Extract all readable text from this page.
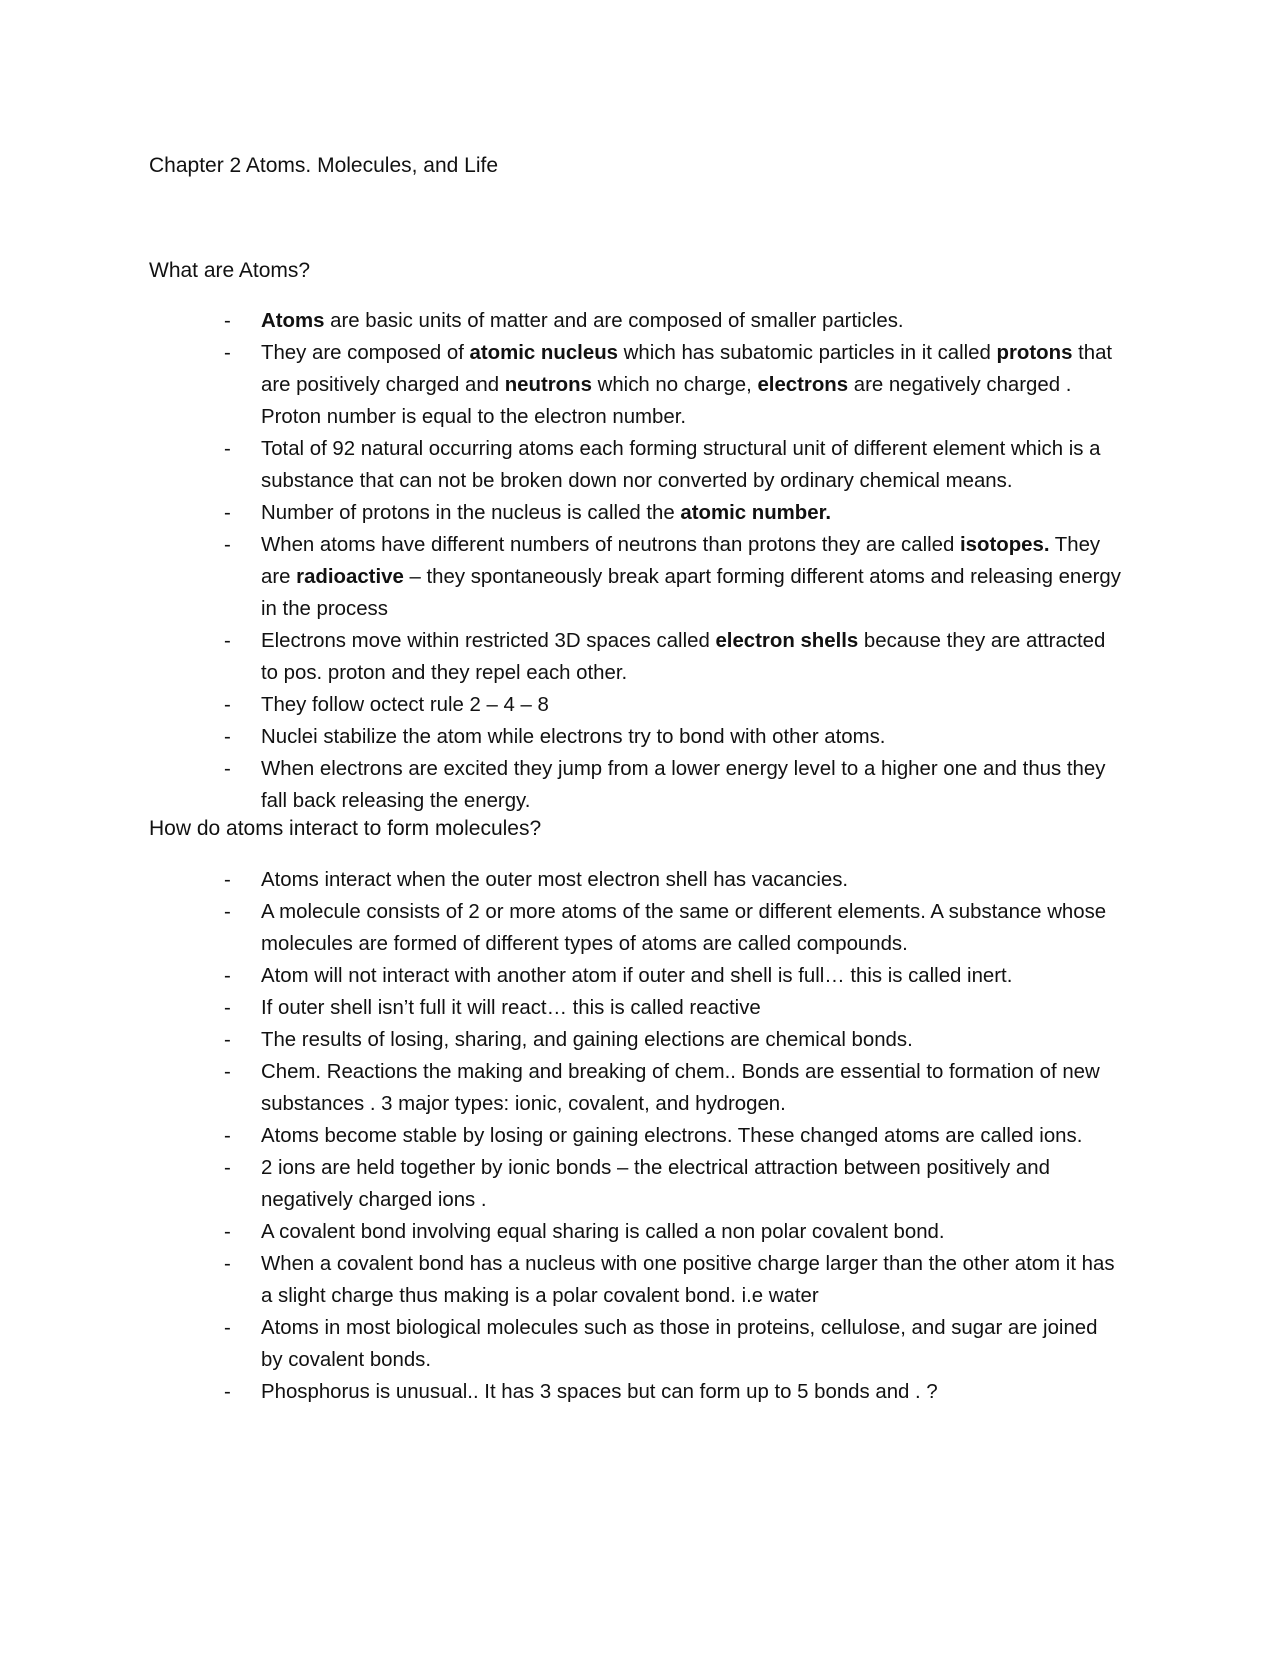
Chapter 2 Atoms. Molecules, and Life
What are Atoms?
- Atoms are basic units of matter and are composed of smaller particles.
- They are composed of atomic nucleus which has subatomic particles in it called protons that are positively charged and neutrons which no charge, electrons are negatively charged . Proton number is equal to the electron number.
- Total of 92 natural occurring atoms each forming structural unit of different element which is a substance that can not be broken down nor converted by ordinary chemical means.
- Number of protons in the nucleus is called the atomic number.
- When atoms have different numbers of neutrons than protons they are called isotopes. They are radioactive – they spontaneously break apart forming different atoms and releasing energy in the process
- Electrons move within restricted 3D spaces called electron shells because they are attracted to pos. proton and they repel each other.
- They follow octect rule 2 – 4 – 8
- Nuclei stabilize the atom while electrons try to bond with other atoms.
- When electrons are excited they jump from a lower energy level to a higher one and thus they fall back releasing the energy.
How do atoms interact to form molecules?
- Atoms interact when the outer most electron shell has vacancies.
- A molecule consists of 2 or more atoms of the same or different elements. A substance whose molecules are formed of different types of atoms are called compounds.
- Atom will not interact with another atom if outer and shell is full… this is called inert.
- If outer shell isn’t full it will react… this is called reactive
- The results of losing, sharing, and gaining elections are chemical bonds.
- Chem. Reactions the making and breaking of chem.. Bonds are essential to formation of new substances . 3 major types: ionic, covalent, and hydrogen.
- Atoms become stable by losing or gaining electrons. These changed atoms are called ions.
- 2 ions are held together by ionic bonds – the electrical attraction between positively and negatively charged ions .
- A covalent bond involving equal sharing is called a non polar covalent bond.
- When a covalent bond has a nucleus with one positive charge larger than the other atom it has a slight charge thus making is a polar covalent bond. i.e water
- Atoms in most biological molecules such as those in proteins, cellulose, and sugar are joined by covalent bonds.
- Phosphorus is unusual.. It has 3 spaces but can form up to 5 bonds and . ?
